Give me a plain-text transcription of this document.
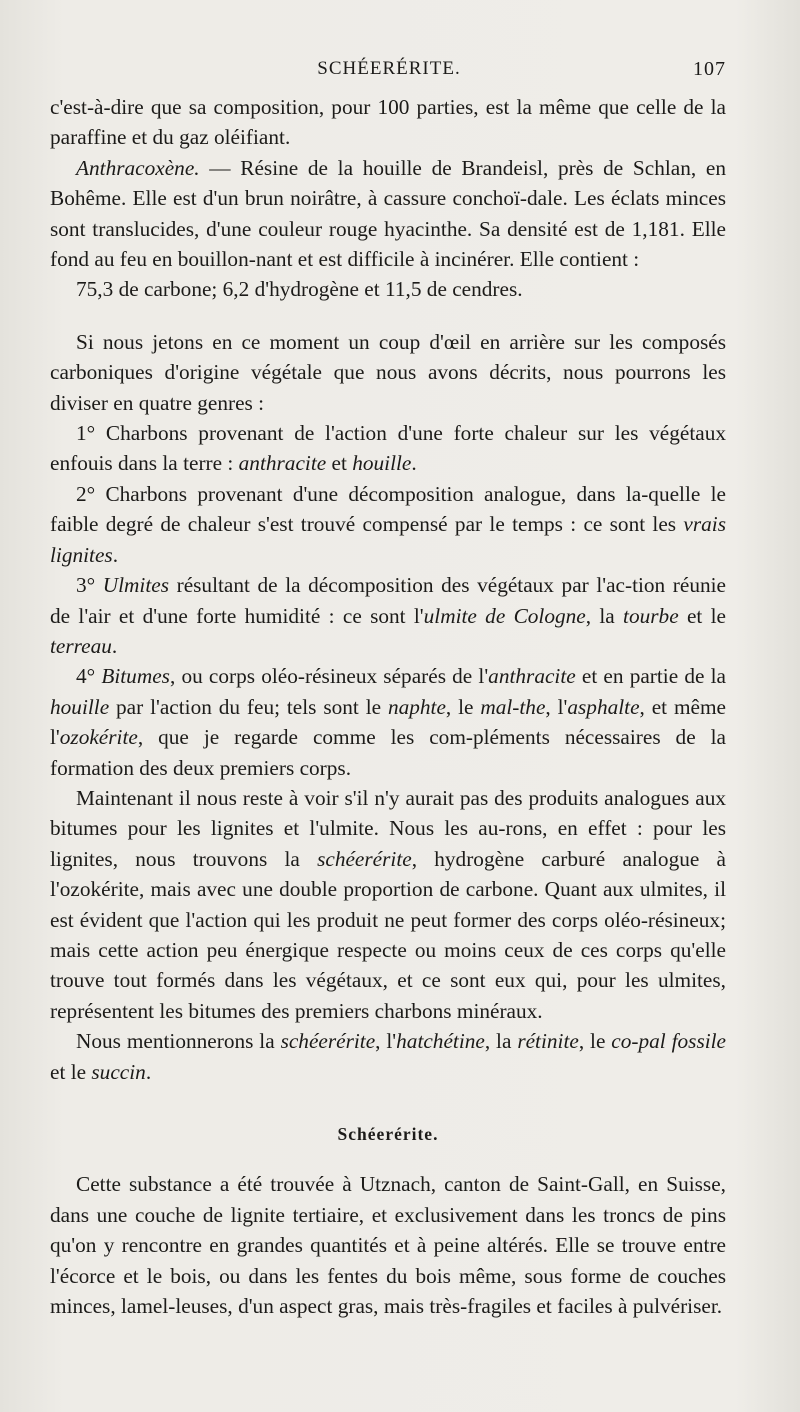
SCHÉERÉRITE.	107

c'est-à-dire que sa composition, pour 100 parties, est la même que celle de la paraffine et du gaz oléifiant.

Anthracoxène. — Résine de la houille de Brandeisl, près de Schlan, en Bohême. Elle est d'un brun noirâtre, à cassure conchoï-dale. Les éclats minces sont translucides, d'une couleur rouge hyacinthe. Sa densité est de 1,181. Elle fond au feu en bouillon-nant et est difficile à incinérer. Elle contient :

75,3 de carbone; 6,2 d'hydrogène et 11,5 de cendres.

Si nous jetons en ce moment un coup d'œil en arrière sur les composés carboniques d'origine végétale que nous avons décrits, nous pourrons les diviser en quatre genres :

1° Charbons provenant de l'action d'une forte chaleur sur les végétaux enfouis dans la terre : anthracite et houille.

2° Charbons provenant d'une décomposition analogue, dans la-quelle le faible degré de chaleur s'est trouvé compensé par le temps : ce sont les vrais lignites.

3° Ulmites résultant de la décomposition des végétaux par l'ac-tion réunie de l'air et d'une forte humidité : ce sont l'ulmite de Cologne, la tourbe et le terreau.

4° Bitumes, ou corps oléo-résineux séparés de l'anthracite et en partie de la houille par l'action du feu; tels sont le naphte, le mal-the, l'asphalte, et même l'ozokérite, que je regarde comme les com-pléments nécessaires de la formation des deux premiers corps.

Maintenant il nous reste à voir s'il n'y aurait pas des produits analogues aux bitumes pour les lignites et l'ulmite. Nous les au-rons, en effet : pour les lignites, nous trouvons la schéerérite, hydrogène carburé analogue à l'ozokérite, mais avec une double proportion de carbone. Quant aux ulmites, il est évident que l'action qui les produit ne peut former des corps oléo-résineux; mais cette action peu énergique respecte ou moins ceux de ces corps qu'elle trouve tout formés dans les végétaux, et ce sont eux qui, pour les ulmites, représentent les bitumes des premiers charbons minéraux.

Nous mentionnerons la schéerérite, l'hatchétine, la rétinite, le co-pal fossile et le succin.

Schéerérite.

Cette substance a été trouvée à Utznach, canton de Saint-Gall, en Suisse, dans une couche de lignite tertiaire, et exclusivement dans les troncs de pins qu'on y rencontre en grandes quantités et à peine altérés. Elle se trouve entre l'écorce et le bois, ou dans les fentes du bois même, sous forme de couches minces, lamel-leuses, d'un aspect gras, mais très-fragiles et faciles à pulvériser.
